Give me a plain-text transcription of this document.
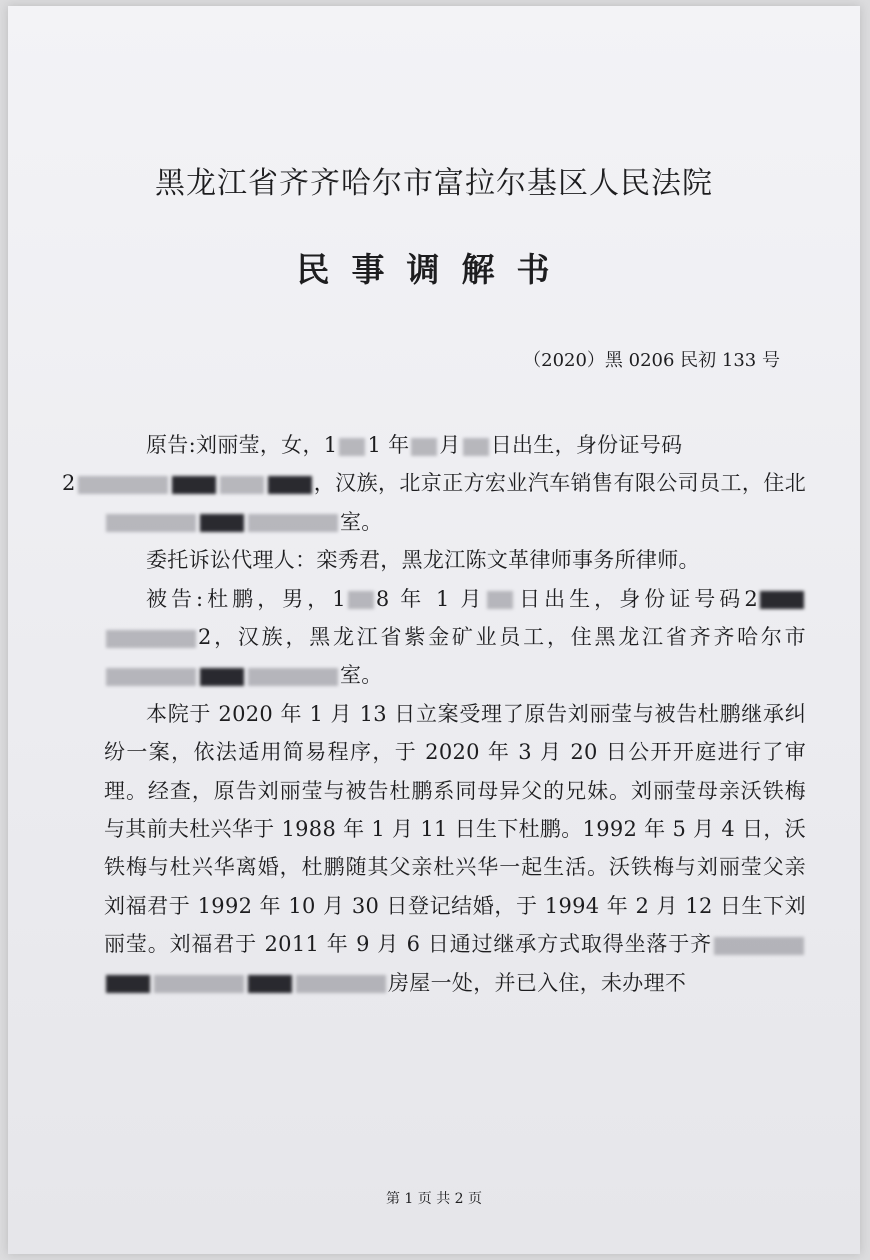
黑龙江省齐齐哈尔市富拉尔基区人民法院
民事调解书
（2020）黑 0206 民初 133 号

原告:刘丽莹，女，1 1 年 月 日出生，身份证号码
2	，汉族，北京正方宏业汽车销售有限公司员工，住北室。

委托诉讼代理人：栾秀君，黑龙江陈文革律师事务所律师。

被告:杜鹏，男，1 8 年 1 月 日出生，身份证号码22，汉族，黑龙江省紫金矿业员工，住黑龙江省齐齐哈尔市室。

本院于 2020 年 1 月 13 日立案受理了原告刘丽莹与被告杜鹏继承纠纷一案，依法适用简易程序，于 2020 年 3 月 20 日公开开庭进行了审理。经查，原告刘丽莹与被告杜鹏系同母异父的兄妹。刘丽莹母亲沃铁梅与其前夫杜兴华于 1988 年 1 月 11 日生下杜鹏。1992 年 5 月 4 日，沃铁梅与杜兴华离婚，杜鹏随其父亲杜兴华一起生活。沃铁梅与刘丽莹父亲刘福君于 1992 年 10 月 30 日登记结婚，于 1994 年 2 月 12 日生下刘丽莹。刘福君于 2011 年 9 月 6 日通过继承方式取得坐落于齐房屋一处，并已入住，未办理不

第 1 页 共 2 页
